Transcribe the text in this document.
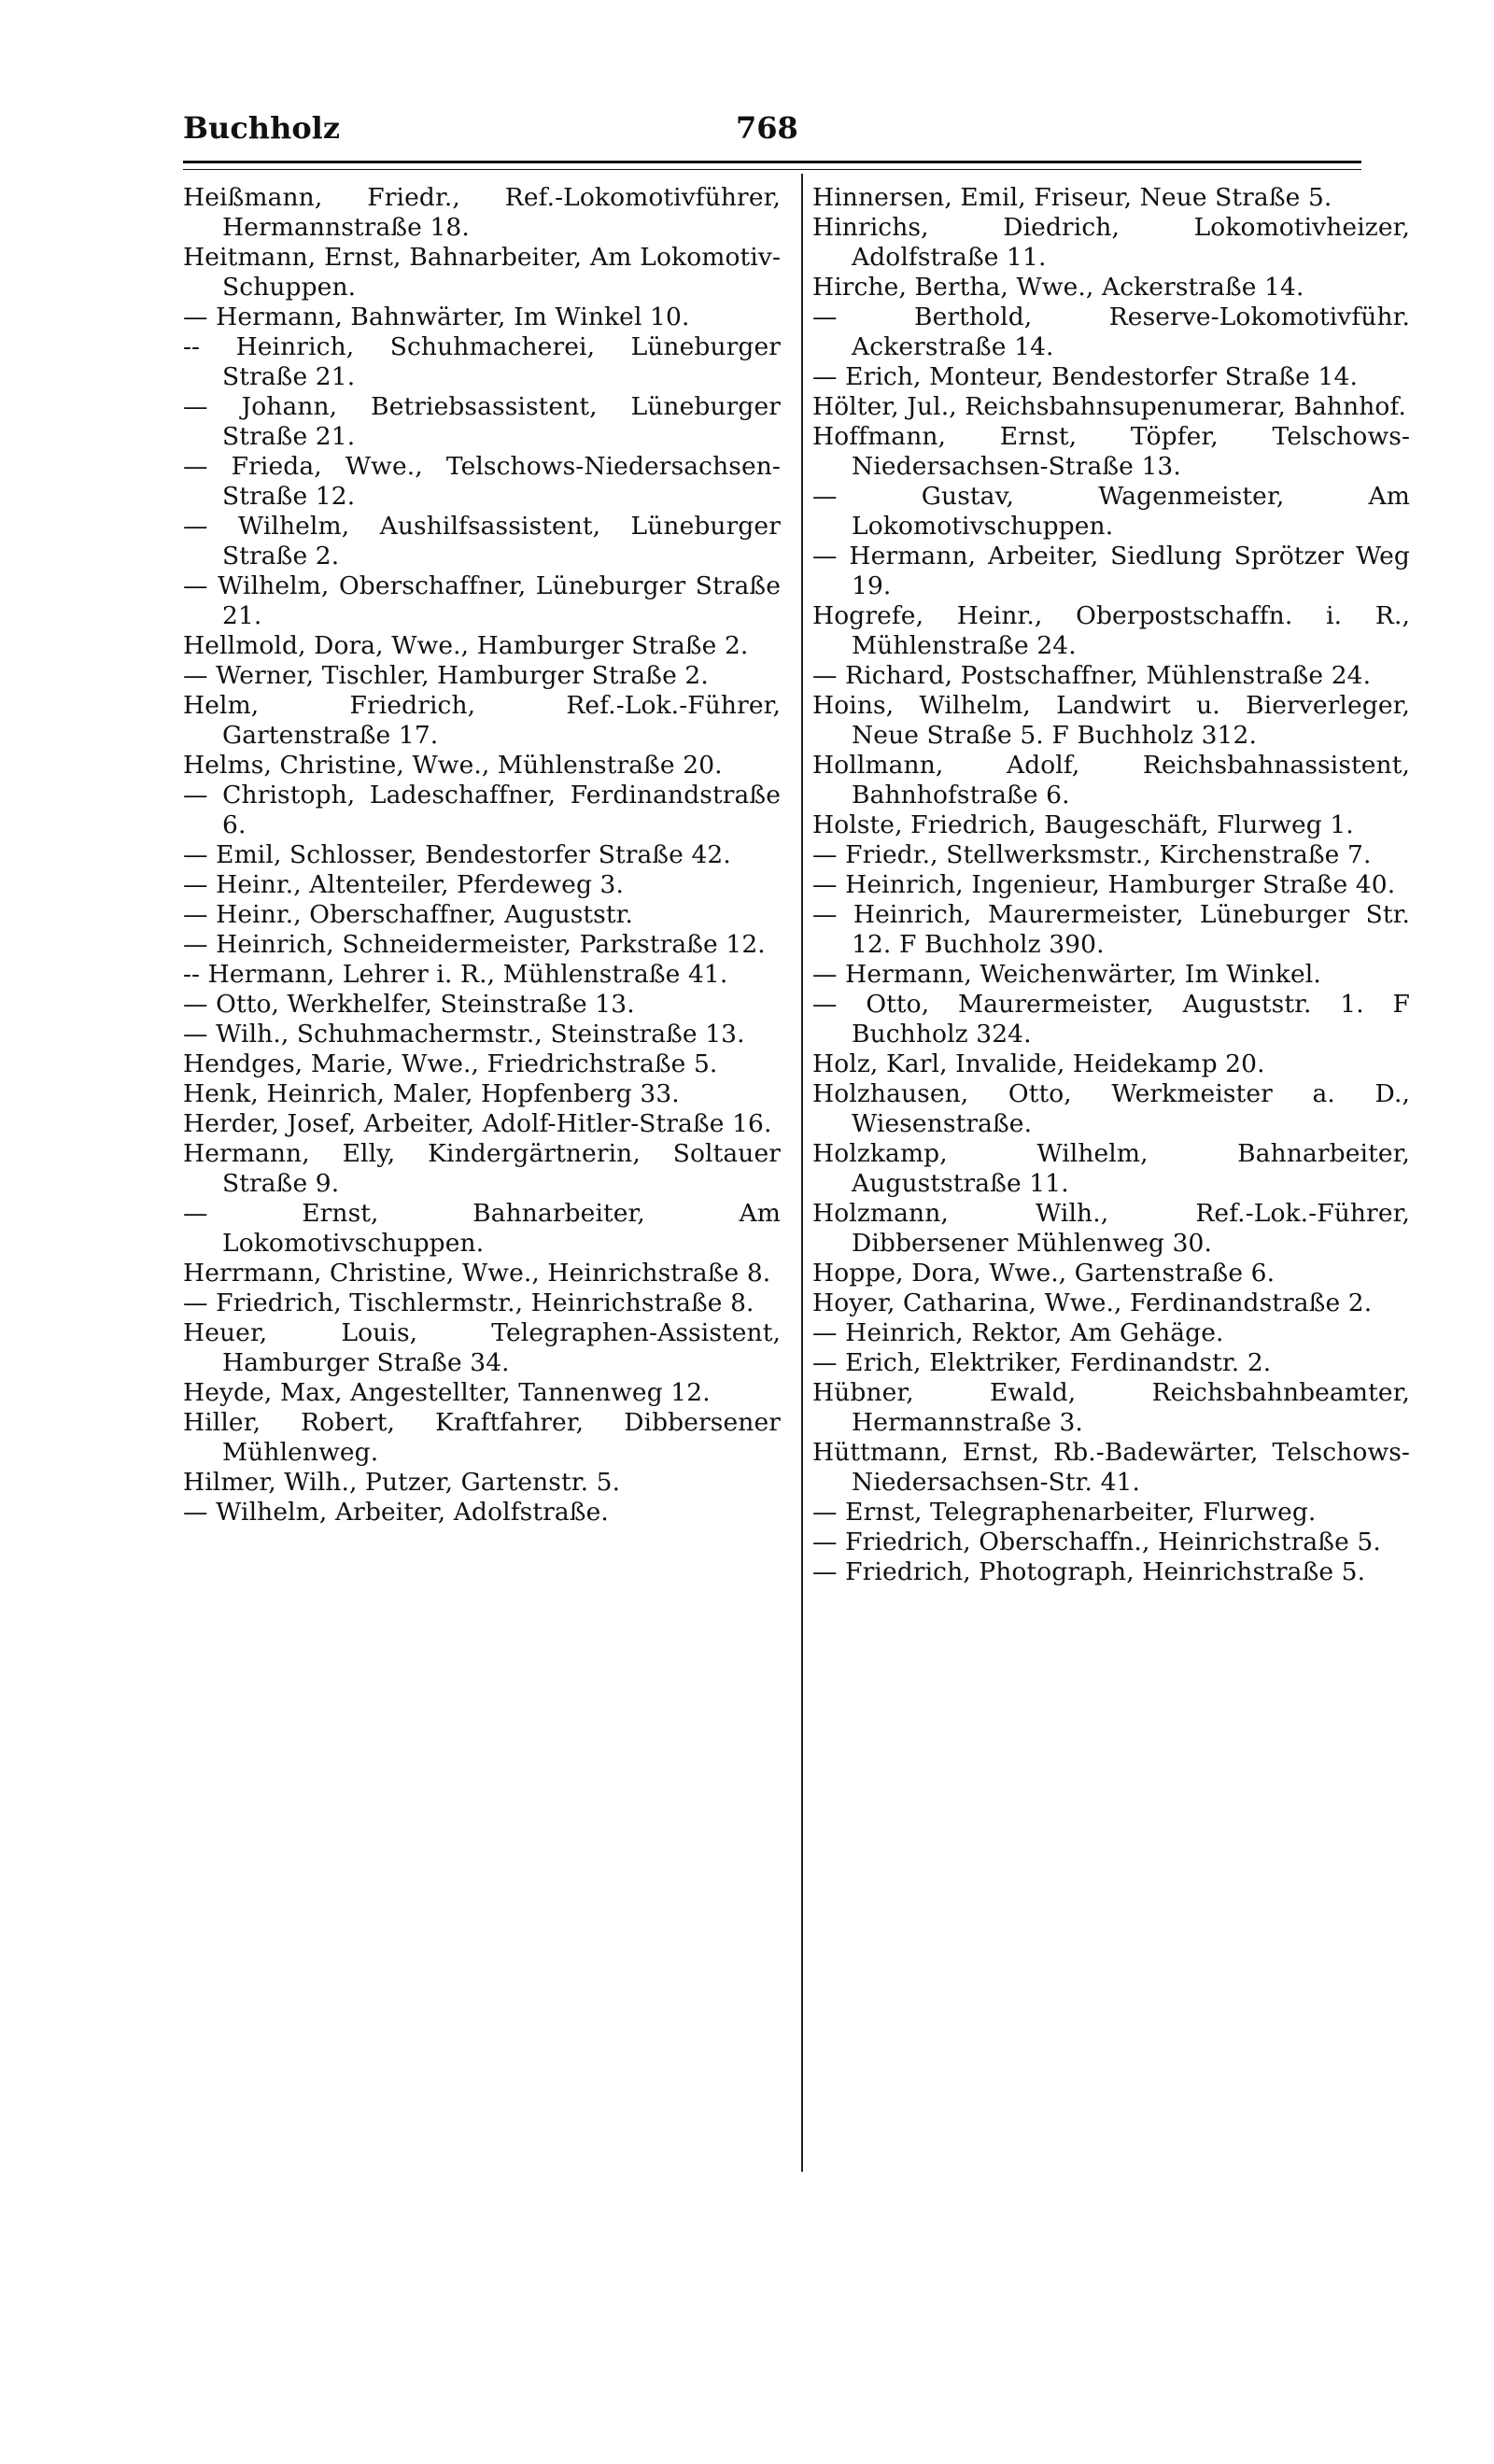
Buchholz	768
Heißmann, Friedr., Ref.-Lokomotivführer, Hermannstraße 18.
Heitmann, Ernst, Bahnarbeiter, Am Lokomotiv-Schuppen.
— Hermann, Bahnwärter, Im Winkel 10.
-- Heinrich, Schuhmacherei, Lüneburger Straße 21.
— Johann, Betriebsassistent, Lüneburger Straße 21.
— Frieda, Wwe., Telschows-Niedersachsen-Straße 12.
— Wilhelm, Aushilfsassistent, Lüneburger Straße 2.
— Wilhelm, Oberschaffner, Lüneburger Straße 21.
Hellmold, Dora, Wwe., Hamburger Straße 2.
— Werner, Tischler, Hamburger Straße 2.
Helm, Friedrich, Ref.-Lok.-Führer, Gartenstraße 17.
Helms, Christine, Wwe., Mühlenstraße 20.
— Christoph, Ladeschaffner, Ferdinandstraße 6.
— Emil, Schlosser, Bendestorfer Straße 42.
— Heinr., Altenteiler, Pferdeweg 3.
— Heinr., Oberschaffner, Auguststr.
— Heinrich, Schneidermeister, Parkstraße 12.
-- Hermann, Lehrer i. R., Mühlenstraße 41.
— Otto, Werkhelfer, Steinstraße 13.
— Wilh., Schuhmachermstr., Steinstraße 13.
Hendges, Marie, Wwe., Friedrichstraße 5.
Henk, Heinrich, Maler, Hopfenberg 33.
Herder, Josef, Arbeiter, Adolf-Hitler-Straße 16.
Hermann, Elly, Kindergärtnerin, Soltauer Straße 9.
— Ernst, Bahnarbeiter, Am Lokomotivschuppen.
Herrmann, Christine, Wwe., Heinrichstraße 8.
— Friedrich, Tischlermstr., Heinrichstraße 8.
Heuer, Louis, Telegraphen-Assistent, Hamburger Straße 34.
Heyde, Max, Angestellter, Tannenweg 12.
Hiller, Robert, Kraftfahrer, Dibbersener Mühlenweg.
Hilmer, Wilh., Putzer, Gartenstr. 5.
— Wilhelm, Arbeiter, Adolfstraße.
Hinnersen, Emil, Friseur, Neue Straße 5.
Hinrichs, Diedrich, Lokomotivheizer, Adolfstraße 11.
Hirche, Bertha, Wwe., Ackerstraße 14.
— Berthold, Reserve-Lokomotivführ. Ackerstraße 14.
— Erich, Monteur, Bendestorfer Straße 14.
Hölter, Jul., Reichsbahnsupenumerar, Bahnhof.
Hoffmann, Ernst, Töpfer, Telschows-Niedersachsen-Straße 13.
— Gustav, Wagenmeister, Am Lokomotivschuppen.
— Hermann, Arbeiter, Siedlung Sprötzer Weg 19.
Hogrefe, Heinr., Oberpostschaffn. i. R., Mühlenstraße 24.
— Richard, Postschaffner, Mühlenstraße 24.
Hoins, Wilhelm, Landwirt u. Bierverleger, Neue Straße 5. F Buchholz 312.
Hollmann, Adolf, Reichsbahnassistent, Bahnhofstraße 6.
Holste, Friedrich, Baugeschäft, Flurweg 1.
— Friedr., Stellwerksmstr., Kirchenstraße 7.
— Heinrich, Ingenieur, Hamburger Straße 40.
— Heinrich, Maurermeister, Lüneburger Str. 12. F Buchholz 390.
— Hermann, Weichenwärter, Im Winkel.
— Otto, Maurermeister, Auguststr. 1. F Buchholz 324.
Holz, Karl, Invalide, Heidekamp 20.
Holzhausen, Otto, Werkmeister a. D., Wiesenstraße.
Holzkamp, Wilhelm, Bahnarbeiter, Auguststraße 11.
Holzmann, Wilh., Ref.-Lok.-Führer, Dibbersener Mühlenweg 30.
Hoppe, Dora, Wwe., Gartenstraße 6.
Hoyer, Catharina, Wwe., Ferdinandstraße 2.
— Heinrich, Rektor, Am Gehäge.
— Erich, Elektriker, Ferdinandstr. 2.
Hübner, Ewald, Reichsbahnbeamter, Hermannstraße 3.
Hüttmann, Ernst, Rb.-Badewärter, Telschows-Niedersachsen-Str. 41.
— Ernst, Telegraphenarbeiter, Flurweg.
— Friedrich, Oberschaffn., Heinrichstraße 5.
— Friedrich, Photograph, Heinrichstraße 5.
